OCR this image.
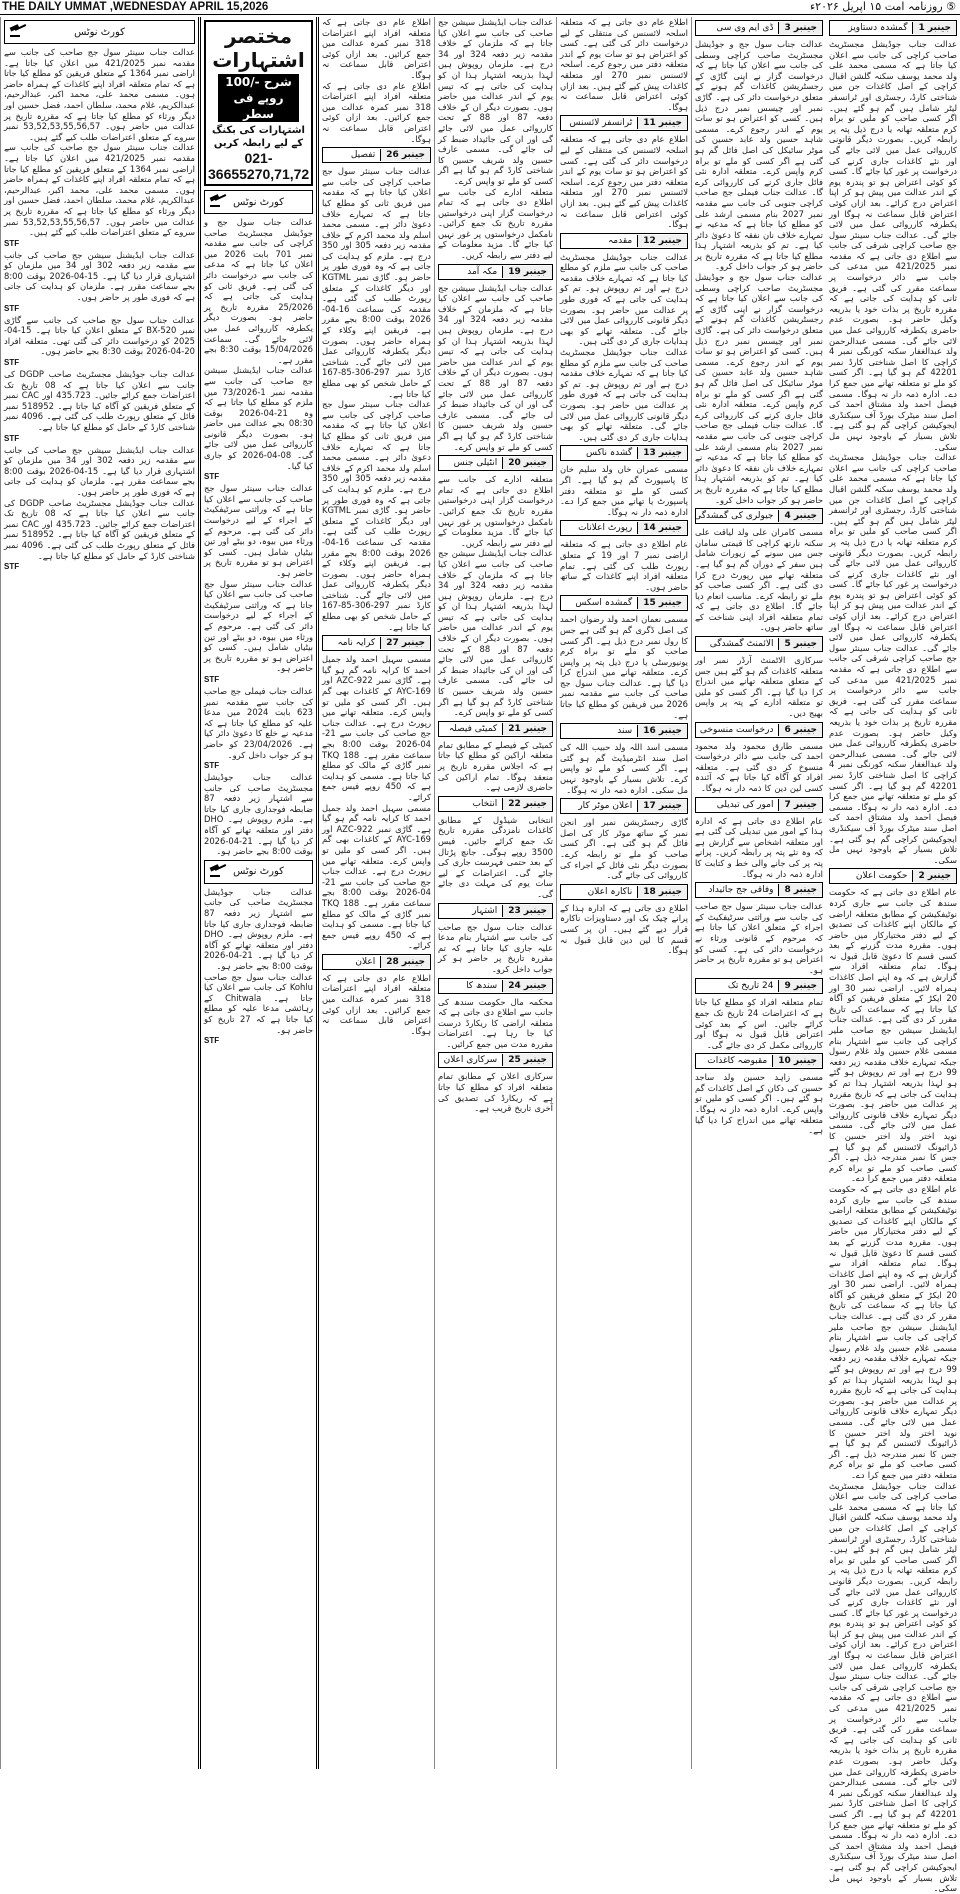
THE DAILY UMMAT ,WEDNESDAY APRIL 15,2026	⑤ روزنامہ امت ۱۵ اپریل ۲۰۲۶ء
جینبر 1
گمشدہ دستاویز

عدالت جناب جوڈیشل مجسٹریٹ صاحب کراچی کی جانب سے اعلان کیا جاتا ہے کہ مسمی محمد علی ولد محمد یوسف سکنہ گلشن اقبال کراچی کے اصل کاغذات جن میں شناختی کارڈ، رجسٹری اور ٹرانسفر لیٹر شامل ہیں گم ہو گئے ہیں۔ اگر کسی صاحب کو ملیں تو براہ کرم متعلقہ تھانہ یا درج ذیل پتہ پر رابطہ کریں۔ بصورت دیگر قانونی کارروائی عمل میں لائی جائے گی اور نئے کاغذات جاری کرنے کی درخواست پر غور کیا جائے گا۔ کسی کو کوئی اعتراض ہو تو پندرہ یوم کے اندر عدالت میں پیش ہو کر اپنا اعتراض درج کرائے۔ بعد ازاں کوئی اعتراض قابل سماعت نہ ہوگا اور یکطرفہ کارروائی عمل میں لائی جائے گی۔ عدالت جناب سینئر سول جج صاحب کراچی شرقی کی جانب سے اطلاع دی جاتی ہے کہ مقدمہ نمبر 421/2025 میں مدعی کی جانب سے دائر درخواست پر سماعت مقرر کی گئی ہے۔ فریق ثانی کو ہدایت کی جاتی ہے کہ مقررہ تاریخ پر بذات خود یا بذریعہ وکیل حاضر ہو۔ بصورت عدم حاضری یکطرفہ کارروائی عمل میں لائی جائے گی۔ مسمی عبدالرحمن ولد عبدالغفار سکنہ کورنگی نمبر 4 کراچی کا اصل شناختی کارڈ نمبر 42201 گم ہو گیا ہے۔ اگر کسی کو ملے تو متعلقہ تھانے میں جمع کرا دے۔ ادارہ ذمہ دار نہ ہوگا۔ مسمی فیصل احمد ولد مشتاق احمد کی اصل سند میٹرک بورڈ آف سیکنڈری ایجوکیشن کراچی گم ہو گئی ہے۔ تلاش بسیار کے باوجود نہیں مل سکی۔

عدالت جناب جوڈیشل مجسٹریٹ صاحب کراچی کی جانب سے اعلان کیا جاتا ہے کہ مسمی محمد علی ولد محمد یوسف سکنہ گلشن اقبال کراچی کے اصل کاغذات جن میں شناختی کارڈ، رجسٹری اور ٹرانسفر لیٹر شامل ہیں گم ہو گئے ہیں۔ اگر کسی صاحب کو ملیں تو براہ کرم متعلقہ تھانہ یا درج ذیل پتہ پر رابطہ کریں۔ بصورت دیگر قانونی کارروائی عمل میں لائی جائے گی اور نئے کاغذات جاری کرنے کی درخواست پر غور کیا جائے گا۔ کسی کو کوئی اعتراض ہو تو پندرہ یوم کے اندر عدالت میں پیش ہو کر اپنا اعتراض درج کرائے۔ بعد ازاں کوئی اعتراض قابل سماعت نہ ہوگا اور یکطرفہ کارروائی عمل میں لائی جائے گی۔ عدالت جناب سینئر سول جج صاحب کراچی شرقی کی جانب سے اطلاع دی جاتی ہے کہ مقدمہ نمبر 421/2025 میں مدعی کی جانب سے دائر درخواست پر سماعت مقرر کی گئی ہے۔ فریق ثانی کو ہدایت کی جاتی ہے کہ مقررہ تاریخ پر بذات خود یا بذریعہ وکیل حاضر ہو۔ بصورت عدم حاضری یکطرفہ کارروائی عمل میں لائی جائے گی۔ مسمی عبدالرحمن ولد عبدالغفار سکنہ کورنگی نمبر 4 کراچی کا اصل شناختی کارڈ نمبر 42201 گم ہو گیا ہے۔ اگر کسی کو ملے تو متعلقہ تھانے میں جمع کرا دے۔ ادارہ ذمہ دار نہ ہوگا۔ مسمی فیصل احمد ولد مشتاق احمد کی اصل سند میٹرک بورڈ آف سیکنڈری ایجوکیشن کراچی گم ہو گئی ہے۔ تلاش بسیار کے باوجود نہیں مل سکی۔

جینبر 2
حکومت اعلان

عام اطلاع دی جاتی ہے کہ حکومت سندھ کی جانب سے جاری کردہ نوٹیفکیشن کے مطابق متعلقہ اراضی کے مالکان اپنے کاغذات کی تصدیق کے لیے دفتر مختیارکار میں حاضر ہوں۔ مقررہ مدت گزرنے کے بعد کسی قسم کا دعویٰ قابل قبول نہ ہوگا۔ تمام متعلقہ افراد سے گزارش ہے کہ وہ اپنے اصل کاغذات ہمراہ لائیں۔ اراضی نمبر 30 اور 20 ایکڑ کے متعلق فریقین کو آگاہ کیا جاتا ہے کہ سماعت کی تاریخ مقرر کر دی گئی ہے۔ عدالت جناب ایڈیشنل سیشن جج صاحب ملیر کراچی کی جانب سے اشتہار بنام مسمی غلام حسین ولد غلام رسول جبکہ تمہارے خلاف مقدمہ زیر دفعہ 99 درج ہے اور تم روپوش ہو گئے ہو لہذا بذریعہ اشتہار ہذا تم کو ہدایت کی جاتی ہے کہ تاریخ مقررہ پر عدالت میں حاضر ہو۔ بصورت دیگر تمہارے خلاف قانونی کارروائی عمل میں لائی جائے گی۔ مسمی نوید اختر ولد اختر حسین کا ڈرائیونگ لائسنس گم ہو گیا ہے جس کا نمبر مندرجہ ذیل ہے۔ اگر کسی صاحب کو ملے تو براہ کرم متعلقہ دفتر میں جمع کرا دے۔

عام اطلاع دی جاتی ہے کہ حکومت سندھ کی جانب سے جاری کردہ نوٹیفکیشن کے مطابق متعلقہ اراضی کے مالکان اپنے کاغذات کی تصدیق کے لیے دفتر مختیارکار میں حاضر ہوں۔ مقررہ مدت گزرنے کے بعد کسی قسم کا دعویٰ قابل قبول نہ ہوگا۔ تمام متعلقہ افراد سے گزارش ہے کہ وہ اپنے اصل کاغذات ہمراہ لائیں۔ اراضی نمبر 30 اور 20 ایکڑ کے متعلق فریقین کو آگاہ کیا جاتا ہے کہ سماعت کی تاریخ مقرر کر دی گئی ہے۔ عدالت جناب ایڈیشنل سیشن جج صاحب ملیر کراچی کی جانب سے اشتہار بنام مسمی غلام حسین ولد غلام رسول جبکہ تمہارے خلاف مقدمہ زیر دفعہ 99 درج ہے اور تم روپوش ہو گئے ہو لہذا بذریعہ اشتہار ہذا تم کو ہدایت کی جاتی ہے کہ تاریخ مقررہ پر عدالت میں حاضر ہو۔ بصورت دیگر تمہارے خلاف قانونی کارروائی عمل میں لائی جائے گی۔ مسمی نوید اختر ولد اختر حسین کا ڈرائیونگ لائسنس گم ہو گیا ہے جس کا نمبر مندرجہ ذیل ہے۔ اگر کسی صاحب کو ملے تو براہ کرم متعلقہ دفتر میں جمع کرا دے۔

عدالت جناب جوڈیشل مجسٹریٹ صاحب کراچی کی جانب سے اعلان کیا جاتا ہے کہ مسمی محمد علی ولد محمد یوسف سکنہ گلشن اقبال کراچی کے اصل کاغذات جن میں شناختی کارڈ، رجسٹری اور ٹرانسفر لیٹر شامل ہیں گم ہو گئے ہیں۔ اگر کسی صاحب کو ملیں تو براہ کرم متعلقہ تھانہ یا درج ذیل پتہ پر رابطہ کریں۔ بصورت دیگر قانونی کارروائی عمل میں لائی جائے گی اور نئے کاغذات جاری کرنے کی درخواست پر غور کیا جائے گا۔ کسی کو کوئی اعتراض ہو تو پندرہ یوم کے اندر عدالت میں پیش ہو کر اپنا اعتراض درج کرائے۔ بعد ازاں کوئی اعتراض قابل سماعت نہ ہوگا اور یکطرفہ کارروائی عمل میں لائی جائے گی۔ عدالت جناب سینئر سول جج صاحب کراچی شرقی کی جانب سے اطلاع دی جاتی ہے کہ مقدمہ نمبر 421/2025 میں مدعی کی جانب سے دائر درخواست پر سماعت مقرر کی گئی ہے۔ فریق ثانی کو ہدایت کی جاتی ہے کہ مقررہ تاریخ پر بذات خود یا بذریعہ وکیل حاضر ہو۔ بصورت عدم حاضری یکطرفہ کارروائی عمل میں لائی جائے گی۔ مسمی عبدالرحمن ولد عبدالغفار سکنہ کورنگی نمبر 4 کراچی کا اصل شناختی کارڈ نمبر 42201 گم ہو گیا ہے۔ اگر کسی کو ملے تو متعلقہ تھانے میں جمع کرا دے۔ ادارہ ذمہ دار نہ ہوگا۔ مسمی فیصل احمد ولد مشتاق احمد کی اصل سند میٹرک بورڈ آف سیکنڈری ایجوکیشن کراچی گم ہو گئی ہے۔ تلاش بسیار کے باوجود نہیں مل سکی۔

جینبر 3
ڈی ایم وی سی

عدالت جناب سول جج و جوڈیشل مجسٹریٹ صاحب کراچی وسطی کی جانب سے اعلان کیا جاتا ہے کہ درخواست گزار نے اپنی گاڑی کے رجسٹریشن کاغذات گم ہونے کے متعلق درخواست دائر کی ہے۔ گاڑی نمبر اور چیسس نمبر درج ذیل ہیں۔ کسی کو اعتراض ہو تو سات یوم کے اندر رجوع کرے۔ مسمی شاہد حسین ولد عابد حسین کی موٹر سائیکل کی اصل فائل گم ہو گئی ہے اگر کسی کو ملے تو براہ کرم واپس کرے۔ متعلقہ ادارہ نئی فائل جاری کرنے کی کارروائی کرے گا۔ عدالت جناب فیملی جج صاحب کراچی جنوبی کی جانب سے مقدمہ نمبر 2027 بنام مسمی ارشد علی کو مطلع کیا جاتا ہے کہ مدعیہ نے تمہارے خلاف نان نفقہ کا دعویٰ دائر کیا ہے۔ تم کو بذریعہ اشتہار ہذا مطلع کیا جاتا ہے کہ مقررہ تاریخ پر حاضر ہو کر جواب داخل کرو۔

عدالت جناب سول جج و جوڈیشل مجسٹریٹ صاحب کراچی وسطی کی جانب سے اعلان کیا جاتا ہے کہ درخواست گزار نے اپنی گاڑی کے رجسٹریشن کاغذات گم ہونے کے متعلق درخواست دائر کی ہے۔ گاڑی نمبر اور چیسس نمبر درج ذیل ہیں۔ کسی کو اعتراض ہو تو سات یوم کے اندر رجوع کرے۔ مسمی شاہد حسین ولد عابد حسین کی موٹر سائیکل کی اصل فائل گم ہو گئی ہے اگر کسی کو ملے تو براہ کرم واپس کرے۔ متعلقہ ادارہ نئی فائل جاری کرنے کی کارروائی کرے گا۔ عدالت جناب فیملی جج صاحب کراچی جنوبی کی جانب سے مقدمہ نمبر 2027 بنام مسمی ارشد علی کو مطلع کیا جاتا ہے کہ مدعیہ نے تمہارے خلاف نان نفقہ کا دعویٰ دائر کیا ہے۔ تم کو بذریعہ اشتہار ہذا مطلع کیا جاتا ہے کہ مقررہ تاریخ پر حاضر ہو کر جواب داخل کرو۔

جینبر 4
جیولری کی گمشدگی

مسمی کامران علی ولد لیاقت علی سکنہ نارتھ کراچی کا قیمتی سامان جس میں سونے کے زیورات شامل ہیں سفر کے دوران گم ہو گیا ہے۔ متعلقہ تھانے میں رپورٹ درج کرا دی گئی ہے۔ اگر کسی صاحب کو ملے تو رابطہ کرے۔ مناسب انعام دیا جائے گا۔ اطلاع دی جاتی ہے کہ تمام متعلقہ افراد اپنی شناخت کے ساتھ حاضر ہوں۔

جینبر 5
الائمنٹ گمشدگی

سرکاری الاٹمنٹ آرڈر نمبر اور متعلقہ کاغذات گم ہو گئے ہیں جس کے متعلق متعلقہ تھانے میں اندراج کرا دیا گیا ہے۔ اگر کسی کو ملیں تو متعلقہ ادارے کے پتہ پر واپس بھیج دیں۔

جینبر 6
درخواست منسوخی

مسمی طارق محمود ولد محمود احمد کی جانب سے دائر درخواست منسوخ کر دی گئی ہے۔ متعلقہ افراد کو آگاہ کیا جاتا ہے کہ آئندہ کسی لین دین کا ذمہ دار نہ ہوگا۔

جینبر 7
امور کی تبدیلی

عام اطلاع دی جاتی ہے کہ ادارہ ہذا کے امور میں تبدیلی کی گئی ہے اور متعلقہ اشخاص سے گزارش ہے کہ وہ نئے پتہ پر رابطہ کریں۔ پرانے پتہ پر کی جانے والی خط و کتابت کا ادارہ ذمہ دار نہ ہوگا۔

جینبر 8
وفاقی جج جائیداد

عدالت جناب سینئر سول جج صاحب کی جانب سے وراثتی سرٹیفکیٹ کے اجراء کے متعلق اعلان کیا جاتا ہے کہ مرحوم کے قانونی ورثاء نے درخواست دائر کی ہے۔ کسی کو اعتراض ہو تو مقررہ تاریخ پر حاضر ہو۔

جینبر 9
24 تاریخ تک

تمام متعلقہ افراد کو مطلع کیا جاتا ہے کہ اعتراضات 24 تاریخ تک جمع کرائے جائیں۔ اس کے بعد کوئی اعتراض قابل قبول نہ ہوگا اور کارروائی مکمل کر دی جائے گی۔

جینبر 10
مقبوضہ کاغذات

مسمی زاہد حسین ولد ساجد حسین کی دکان کے اصل کاغذات گم ہو گئے ہیں۔ اگر کسی کو ملیں تو واپس کرے۔ ادارہ ذمہ دار نہ ہوگا۔ متعلقہ تھانے میں اندراج کرا دیا گیا ہے۔

اطلاع عام دی جاتی ہے کہ متعلقہ اسلحہ لائسنس کی منتقلی کے لیے درخواست دائر کی گئی ہے۔ کسی کو اعتراض ہو تو سات یوم کے اندر متعلقہ دفتر میں رجوع کرے۔ اسلحہ لائسنس نمبر 270 اور متعلقہ کاغذات پیش کیے گئے ہیں۔ بعد ازاں کوئی اعتراض قابل سماعت نہ ہوگا۔

جینبر 11
ٹرانسفر لائسنس

اطلاع عام دی جاتی ہے کہ متعلقہ اسلحہ لائسنس کی منتقلی کے لیے درخواست دائر کی گئی ہے۔ کسی کو اعتراض ہو تو سات یوم کے اندر متعلقہ دفتر میں رجوع کرے۔ اسلحہ لائسنس نمبر 270 اور متعلقہ کاغذات پیش کیے گئے ہیں۔ بعد ازاں کوئی اعتراض قابل سماعت نہ ہوگا۔

جینبر 12
مقدمہ

عدالت جناب جوڈیشل مجسٹریٹ صاحب کی جانب سے ملزم کو مطلع کیا جاتا ہے کہ تمہارے خلاف مقدمہ درج ہے اور تم روپوش ہو۔ تم کو ہدایت کی جاتی ہے کہ فوری طور پر عدالت میں حاضر ہو۔ بصورت دیگر قانونی کارروائی عمل میں لائی جائے گی۔ متعلقہ تھانے کو بھی ہدایات جاری کر دی گئی ہیں۔

عدالت جناب جوڈیشل مجسٹریٹ صاحب کی جانب سے ملزم کو مطلع کیا جاتا ہے کہ تمہارے خلاف مقدمہ درج ہے اور تم روپوش ہو۔ تم کو ہدایت کی جاتی ہے کہ فوری طور پر عدالت میں حاضر ہو۔ بصورت دیگر قانونی کارروائی عمل میں لائی جائے گی۔ متعلقہ تھانے کو بھی ہدایات جاری کر دی گئی ہیں۔

جینبر 13
گشدہ ناکس

مسمی عمران خان ولد سلیم خان کا پاسپورٹ گم ہو گیا ہے۔ اگر کسی کو ملے تو متعلقہ دفتر پاسپورٹ یا تھانے میں جمع کرا دے۔ ادارہ ذمہ دار نہ ہوگا۔

جینبر 14
رپورٹ اعلانات

عام اطلاع دی جاتی ہے کہ متعلقہ اراضی نمبر 7 اور 19 کے متعلق رپورٹ طلب کی گئی ہے۔ تمام متعلقہ افراد اپنے کاغذات کے ساتھ حاضر ہوں۔

جینبر 15
گمشدہ اسکس

مسمی نعمان احمد ولد رضوان احمد کی اصل ڈگری گم ہو گئی ہے جس کا رول نمبر درج ذیل ہے۔ اگر کسی صاحب کو ملے تو براہ کرم یونیورسٹی یا درج ذیل پتہ پر واپس کرے۔ متعلقہ تھانے میں اندراج کرا دیا گیا ہے۔ عدالت جناب سول جج صاحب کی جانب سے مقدمہ نمبر 2026 میں فریقین کو مطلع کیا جاتا ہے۔

جینبر 16
سند

مسمی اسد اللہ ولد حبیب اللہ کی اصل سند انٹرمیڈیٹ گم ہو گئی ہے۔ اگر کسی کو ملے تو واپس کرے۔ تلاش بسیار کے باوجود نہیں مل سکی۔ ادارہ ذمہ دار نہ ہوگا۔

جینبر 17
اعلان موٹر کار

گاڑی رجسٹریشن نمبر اور انجن نمبر کے ساتھ موٹر کار کی اصل فائل گم ہو گئی ہے۔ اگر کسی صاحب کو ملے تو رابطہ کرے۔ بصورت دیگر نئی فائل کے اجراء کی کارروائی کی جائے گی۔

جینبر 18
ناکارہ اعلان

اطلاع دی جاتی ہے کہ ادارہ ہذا کے پرانے چیک بک اور دستاویزات ناکارہ قرار دیے گئے ہیں۔ ان پر کسی قسم کا لین دین قابل قبول نہ ہوگا۔

عدالت جناب ایڈیشنل سیشن جج صاحب کی جانب سے اعلان کیا جاتا ہے کہ ملزمان کے خلاف مقدمہ زیر دفعہ 324 اور 34 درج ہے۔ ملزمان روپوش ہیں لہذا بذریعہ اشتہار ہذا ان کو ہدایت کی جاتی ہے کہ تیس یوم کے اندر عدالت میں حاضر ہوں۔ بصورت دیگر ان کے خلاف دفعہ 87 اور 88 کے تحت کارروائی عمل میں لائی جائے گی اور ان کی جائیداد ضبط کر لی جائے گی۔ مسمی عارف حسین ولد شریف حسین کا شناختی کارڈ گم ہو گیا ہے اگر کسی کو ملے تو واپس کرے۔

متعلقہ ادارے کی جانب سے اطلاع دی جاتی ہے کہ تمام درخواست گزار اپنی درخواستیں مقررہ تاریخ تک جمع کرائیں۔ نامکمل درخواستوں پر غور نہیں کیا جائے گا۔ مزید معلومات کے لیے دفتر سے رابطہ کریں۔

جینبر 19
مکہ آمد

عدالت جناب ایڈیشنل سیشن جج صاحب کی جانب سے اعلان کیا جاتا ہے کہ ملزمان کے خلاف مقدمہ زیر دفعہ 324 اور 34 درج ہے۔ ملزمان روپوش ہیں لہذا بذریعہ اشتہار ہذا ان کو ہدایت کی جاتی ہے کہ تیس یوم کے اندر عدالت میں حاضر ہوں۔ بصورت دیگر ان کے خلاف دفعہ 87 اور 88 کے تحت کارروائی عمل میں لائی جائے گی اور ان کی جائیداد ضبط کر لی جائے گی۔ مسمی عارف حسین ولد شریف حسین کا شناختی کارڈ گم ہو گیا ہے اگر کسی کو ملے تو واپس کرے۔

جینبر 20
انٹیلی جنس

متعلقہ ادارے کی جانب سے اطلاع دی جاتی ہے کہ تمام درخواست گزار اپنی درخواستیں مقررہ تاریخ تک جمع کرائیں۔ نامکمل درخواستوں پر غور نہیں کیا جائے گا۔ مزید معلومات کے لیے دفتر سے رابطہ کریں۔

عدالت جناب ایڈیشنل سیشن جج صاحب کی جانب سے اعلان کیا جاتا ہے کہ ملزمان کے خلاف مقدمہ زیر دفعہ 324 اور 34 درج ہے۔ ملزمان روپوش ہیں لہذا بذریعہ اشتہار ہذا ان کو ہدایت کی جاتی ہے کہ تیس یوم کے اندر عدالت میں حاضر ہوں۔ بصورت دیگر ان کے خلاف دفعہ 87 اور 88 کے تحت کارروائی عمل میں لائی جائے گی اور ان کی جائیداد ضبط کر لی جائے گی۔ مسمی عارف حسین ولد شریف حسین کا شناختی کارڈ گم ہو گیا ہے اگر کسی کو ملے تو واپس کرے۔

جینبر 21
کمیٹی فیصلہ

کمیٹی کے فیصلے کے مطابق تمام متعلقہ اراکین کو مطلع کیا جاتا ہے کہ اجلاس مقررہ تاریخ پر منعقد ہوگا۔ تمام اراکین کی حاضری لازمی ہے۔

جینبر 22
انتخاب

انتخابی شیڈول کے مطابق کاغذات نامزدگی مقررہ تاریخ تک جمع کرائے جائیں۔ فیس 3500 روپے ہوگی۔ جانچ پڑتال کے بعد حتمی فہرست جاری کی جائے گی۔ اعتراضات کے لیے سات یوم کی مہلت دی جائے گی۔

جینبر 23
اشتہار

عدالت جناب سول جج صاحب کی جانب سے اشتہار بنام مدعا علیہ جاری کیا جاتا ہے کہ تم مقررہ تاریخ پر حاضر ہو کر جواب داخل کرو۔

جینبر 24
سندھ کا

محکمہ مال حکومت سندھ کی جانب سے اطلاع دی جاتی ہے کہ متعلقہ اراضی کا ریکارڈ درست کیا جا رہا ہے۔ اعتراضات مقررہ مدت میں جمع کرائیں۔

جینبر 25
سرکاری اعلان

سرکاری اعلان کے مطابق تمام متعلقہ افراد کو مطلع کیا جاتا ہے کہ ریکارڈ کی تصدیق کی آخری تاریخ قریب ہے۔

اطلاع عام دی جاتی ہے کہ متعلقہ افراد اپنے اعتراضات 318 نمبر کمرہ عدالت میں جمع کرائیں۔ بعد ازاں کوئی اعتراض قابل سماعت نہ ہوگا۔

اطلاع عام دی جاتی ہے کہ متعلقہ افراد اپنے اعتراضات 318 نمبر کمرہ عدالت میں جمع کرائیں۔ بعد ازاں کوئی اعتراض قابل سماعت نہ ہوگا۔

جینبر 26
تفصیل

عدالت جناب سینئر سول جج صاحب کراچی کی جانب سے اعلان کیا جاتا ہے کہ مقدمہ میں فریق ثانی کو مطلع کیا جاتا ہے کہ تمہارے خلاف دعویٰ دائر ہے۔ مسمی محمد اسلم ولد محمد اکرم کے خلاف مقدمہ زیر دفعہ 305 اور 350 درج ہے۔ ملزم کو ہدایت کی جاتی ہے کہ وہ فوری طور پر حاضر ہو۔ گاڑی نمبر KGTML اور دیگر کاغذات کے متعلق رپورٹ طلب کی گئی ہے۔ مقدمہ کی سماعت 16-04-2026 بوقت 8:00 بجے مقرر ہے۔ فریقین اپنے وکلاء کے ہمراہ حاضر ہوں۔ بصورت دیگر یکطرفہ کارروائی عمل میں لائی جائے گی۔ شناختی کارڈ نمبر 297-306-85-167 کے حامل شخص کو بھی مطلع کیا جاتا ہے۔

عدالت جناب سینئر سول جج صاحب کراچی کی جانب سے اعلان کیا جاتا ہے کہ مقدمہ میں فریق ثانی کو مطلع کیا جاتا ہے کہ تمہارے خلاف دعویٰ دائر ہے۔ مسمی محمد اسلم ولد محمد اکرم کے خلاف مقدمہ زیر دفعہ 305 اور 350 درج ہے۔ ملزم کو ہدایت کی جاتی ہے کہ وہ فوری طور پر حاضر ہو۔ گاڑی نمبر KGTML اور دیگر کاغذات کے متعلق رپورٹ طلب کی گئی ہے۔ مقدمہ کی سماعت 16-04-2026 بوقت 8:00 بجے مقرر ہے۔ فریقین اپنے وکلاء کے ہمراہ حاضر ہوں۔ بصورت دیگر یکطرفہ کارروائی عمل میں لائی جائے گی۔ شناختی کارڈ نمبر 297-306-85-167 کے حامل شخص کو بھی مطلع کیا جاتا ہے۔

جینبر 27
کرایہ نامہ

مسمی سہیل احمد ولد جمیل احمد کا کرایہ نامہ گم ہو گیا ہے۔ گاڑی نمبر AZC-922 اور AYC-169 کے کاغذات بھی گم ہیں۔ اگر کسی کو ملیں تو واپس کرے۔ متعلقہ تھانے میں رپورٹ درج ہے۔ عدالت جناب جج صاحب کی جانب سے 21-04-2026 بوقت 8:00 بجے سماعت مقرر ہے۔ TKQ 188 نمبر گاڑی کے مالک کو مطلع کیا جاتا ہے۔ مسمی کو ہدایت ہے کہ 450 روپے فیس جمع کرائے۔

مسمی سہیل احمد ولد جمیل احمد کا کرایہ نامہ گم ہو گیا ہے۔ گاڑی نمبر AZC-922 اور AYC-169 کے کاغذات بھی گم ہیں۔ اگر کسی کو ملیں تو واپس کرے۔ متعلقہ تھانے میں رپورٹ درج ہے۔ عدالت جناب جج صاحب کی جانب سے 21-04-2026 بوقت 8:00 بجے سماعت مقرر ہے۔ TKQ 188 نمبر گاڑی کے مالک کو مطلع کیا جاتا ہے۔ مسمی کو ہدایت ہے کہ 450 روپے فیس جمع کرائے۔

جینبر 28
اعلان

اطلاع عام دی جاتی ہے کہ متعلقہ افراد اپنے اعتراضات 318 نمبر کمرہ عدالت میں جمع کرائیں۔ بعد ازاں کوئی اعتراض قابل سماعت نہ ہوگا۔

مختصر اشتہارات
شرح -/100 روپے فی سطر
اشتہارات کی بکنگ کے لیے رابطہ کریں
021-36655270,71,72
کورٹ نوٹس

عدالت جناب سول جج و جوڈیشل مجسٹریٹ صاحب کراچی کی جانب سے مقدمہ نمبر 701 بابت 2026 میں اعلان کیا جاتا ہے کہ مدعی کی جانب سے درخواست دائر کی گئی ہے۔ فریق ثانی کو ہدایت کی جاتی ہے کہ 25/2026 مقررہ تاریخ پر حاضر ہو۔ بصورت دیگر یکطرفہ کارروائی عمل میں لائی جائے گی۔ سماعت 15/04/2026 بوقت 8:30 بجے مقرر ہے۔

عدالت جناب ایڈیشنل سیشن جج صاحب کی جانب سے مقدمہ نمبر 1-73/2026 میں ملزم کو مطلع کیا جاتا ہے کہ وہ 21-04-2026 بوقت 08:30 بجے عدالت میں حاضر ہو۔ بصورت دیگر قانونی کارروائی عمل میں لائی جائے گی۔ 08-04-2026 کو جاری کیا گیا۔

STF

عدالت جناب سینئر سول جج صاحب کی جانب سے اعلان کیا جاتا ہے کہ وراثتی سرٹیفکیٹ کے اجراء کے لیے درخواست دائر کی گئی ہے۔ مرحوم کے ورثاء میں بیوہ، دو بیٹے اور تین بیٹیاں شامل ہیں۔ کسی کو اعتراض ہو تو مقررہ تاریخ پر حاضر ہو۔

عدالت جناب سینئر سول جج صاحب کی جانب سے اعلان کیا جاتا ہے کہ وراثتی سرٹیفکیٹ کے اجراء کے لیے درخواست دائر کی گئی ہے۔ مرحوم کے ورثاء میں بیوہ، دو بیٹے اور تین بیٹیاں شامل ہیں۔ کسی کو اعتراض ہو تو مقررہ تاریخ پر حاضر ہو۔

STF

عدالت جناب فیملی جج صاحب کی جانب سے مقدمہ نمبر 623 بابت 2024 میں مدعا علیہ کو مطلع کیا جاتا ہے کہ مدعیہ نے خلع کا دعویٰ دائر کیا ہے۔ 23/04/2026 کو حاضر ہو کر جواب داخل کرو۔

STF

عدالت جناب جوڈیشل مجسٹریٹ صاحب کی جانب سے اشتہار زیر دفعہ 87 ضابطہ فوجداری جاری کیا جاتا ہے۔ ملزم روپوش ہے۔ DHO دفتر اور متعلقہ تھانے کو آگاہ کر دیا گیا ہے۔ 21-04-2026 بوقت 8:00 بجے حاضر ہو۔

کورٹ نوٹس

عدالت جناب جوڈیشل مجسٹریٹ صاحب کی جانب سے اشتہار زیر دفعہ 87 ضابطہ فوجداری جاری کیا جاتا ہے۔ ملزم روپوش ہے۔ DHO دفتر اور متعلقہ تھانے کو آگاہ کر دیا گیا ہے۔ 21-04-2026 بوقت 8:00 بجے حاضر ہو۔

عدالت جناب سول جج صاحب Kohlu کی جانب سے اعلان کیا جاتا ہے۔ Chitwala کے رہائشی مدعا علیہ کو مطلع کیا جاتا ہے کہ 27 تاریخ کو حاضر ہو۔

STF
کورٹ نوٹس

عدالت جناب سینئر سول جج صاحب کی جانب سے مقدمہ نمبر 421/2025 میں اعلان کیا جاتا ہے۔ اراضی نمبر 1364 کے متعلق فریقین کو مطلع کیا جاتا ہے کہ تمام متعلقہ افراد اپنے کاغذات کے ہمراہ حاضر ہوں۔ مسمی محمد علی، محمد اکبر، عبدالرحیم، عبدالکریم، غلام محمد، سلطان احمد، فضل حسین اور دیگر ورثاء کو مطلع کیا جاتا ہے کہ مقررہ تاریخ پر عدالت میں حاضر ہوں۔ 53,52,53,55,56,57 نمبر سروے کے متعلق اعتراضات طلب کیے گئے ہیں۔

عدالت جناب سینئر سول جج صاحب کی جانب سے مقدمہ نمبر 421/2025 میں اعلان کیا جاتا ہے۔ اراضی نمبر 1364 کے متعلق فریقین کو مطلع کیا جاتا ہے کہ تمام متعلقہ افراد اپنے کاغذات کے ہمراہ حاضر ہوں۔ مسمی محمد علی، محمد اکبر، عبدالرحیم، عبدالکریم، غلام محمد، سلطان احمد، فضل حسین اور دیگر ورثاء کو مطلع کیا جاتا ہے کہ مقررہ تاریخ پر عدالت میں حاضر ہوں۔ 53,52,53,55,56,57 نمبر سروے کے متعلق اعتراضات طلب کیے گئے ہیں۔

STF

عدالت جناب ایڈیشنل سیشن جج صاحب کی جانب سے مقدمہ زیر دفعہ 302 اور 34 میں ملزمان کو اشتہاری قرار دیا گیا ہے۔ 15-04-2026 بوقت 8:00 بجے سماعت مقرر ہے۔ ملزمان کو ہدایت کی جاتی ہے کہ فوری طور پر حاضر ہوں۔

STF

عدالت جناب سول جج صاحب کی جانب سے گاڑی نمبر BX-520 کے متعلق اعلان کیا جاتا ہے۔ 15-04-2025 کو درخواست دائر کی گئی تھی۔ متعلقہ افراد 20-04-2026 بوقت 8:30 بجے حاضر ہوں۔

STF

عدالت جناب جوڈیشل مجسٹریٹ صاحب DGDP کی جانب سے اعلان کیا جاتا ہے کہ 08 تاریخ تک اعتراضات جمع کرائے جائیں۔ 435.723 اور CAC نمبر کے متعلق فریقین کو آگاہ کیا جاتا ہے۔ 518952 نمبر فائل کے متعلق رپورٹ طلب کی گئی ہے۔ 4096 نمبر شناختی کارڈ کے حامل کو مطلع کیا جاتا ہے۔

STF

عدالت جناب ایڈیشنل سیشن جج صاحب کی جانب سے مقدمہ زیر دفعہ 302 اور 34 میں ملزمان کو اشتہاری قرار دیا گیا ہے۔ 15-04-2026 بوقت 8:00 بجے سماعت مقرر ہے۔ ملزمان کو ہدایت کی جاتی ہے کہ فوری طور پر حاضر ہوں۔

عدالت جناب جوڈیشل مجسٹریٹ صاحب DGDP کی جانب سے اعلان کیا جاتا ہے کہ 08 تاریخ تک اعتراضات جمع کرائے جائیں۔ 435.723 اور CAC نمبر کے متعلق فریقین کو آگاہ کیا جاتا ہے۔ 518952 نمبر فائل کے متعلق رپورٹ طلب کی گئی ہے۔ 4096 نمبر شناختی کارڈ کے حامل کو مطلع کیا جاتا ہے۔

STF
